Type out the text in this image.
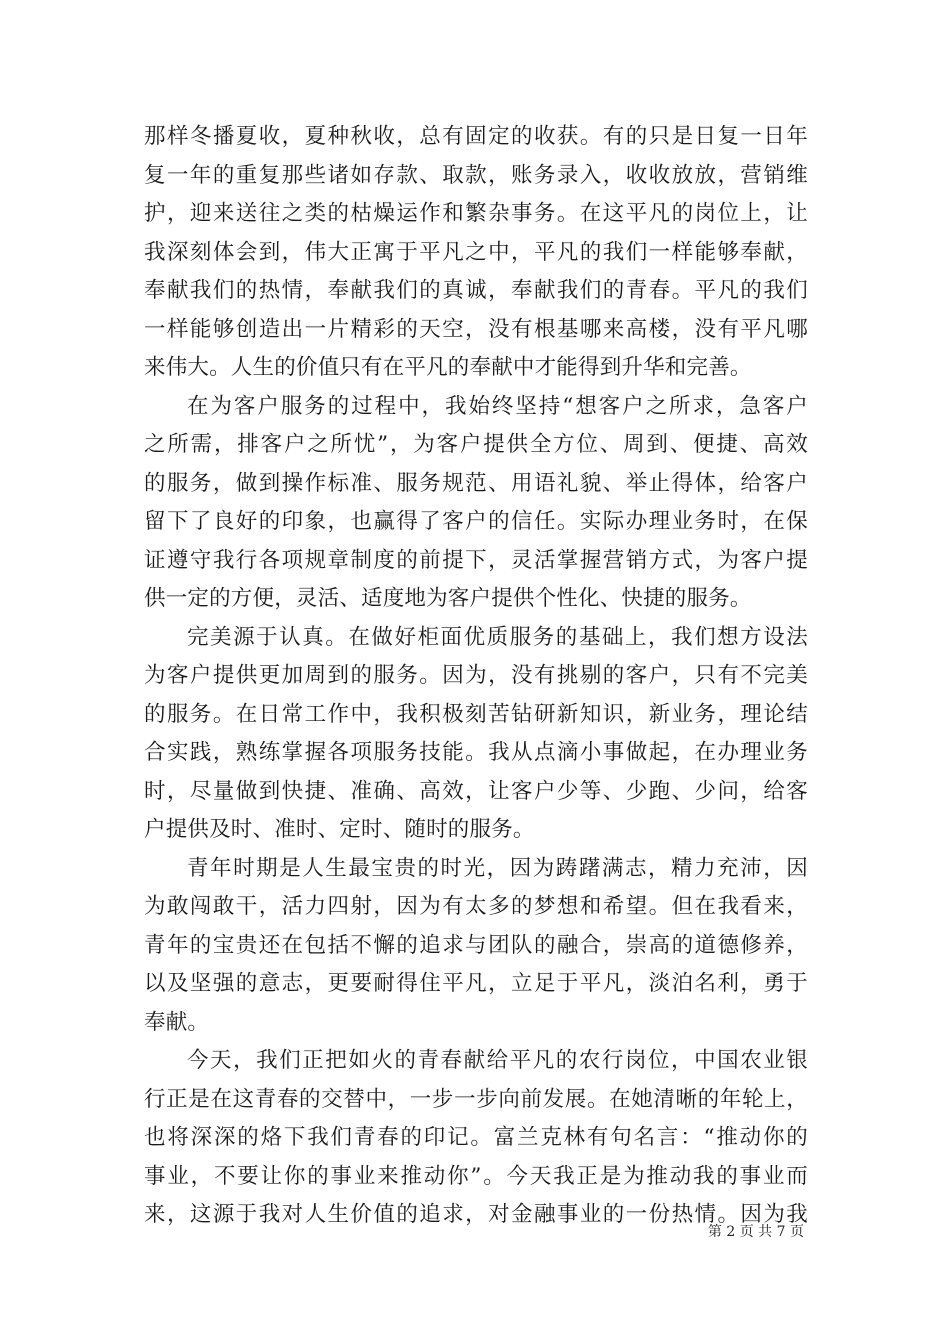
那样冬播夏收，夏种秋收，总有固定的收获。有的只是日复一日年
复一年的重复那些诸如存款、取款，账务录入，收收放放，营销维
护，迎来送往之类的枯燥运作和繁杂事务。在这平凡的岗位上，让
我深刻体会到，伟大正寓于平凡之中，平凡的我们一样能够奉献，
奉献我们的热情，奉献我们的真诚，奉献我们的青春。平凡的我们
一样能够创造出一片精彩的天空，没有根基哪来高楼，没有平凡哪
来伟大。人生的价值只有在平凡的奉献中才能得到升华和完善。
在为客户服务的过程中，我始终坚持“想客户之所求，急客户
之所需，排客户之所忧”，为客户提供全方位、周到、便捷、高效
的服务，做到操作标准、服务规范、用语礼貌、举止得体，给客户
留下了良好的印象，也赢得了客户的信任。实际办理业务时，在保
证遵守我行各项规章制度的前提下，灵活掌握营销方式，为客户提
供一定的方便，灵活、适度地为客户提供个性化、快捷的服务。
完美源于认真。在做好柜面优质服务的基础上，我们想方设法
为客户提供更加周到的服务。因为，没有挑剔的客户，只有不完美
的服务。在日常工作中，我积极刻苦钻研新知识，新业务，理论结
合实践，熟练掌握各项服务技能。我从点滴小事做起，在办理业务
时，尽量做到快捷、准确、高效，让客户少等、少跑、少问，给客
户提供及时、准时、定时、随时的服务。
青年时期是人生最宝贵的时光，因为踌躇满志，精力充沛，因
为敢闯敢干，活力四射，因为有太多的梦想和希望。但在我看来，
青年的宝贵还在包括不懈的追求与团队的融合，崇高的道德修养，
以及坚强的意志，更要耐得住平凡，立足于平凡，淡泊名利，勇于
奉献。
今天，我们正把如火的青春献给平凡的农行岗位，中国农业银
行正是在这青春的交替中，一步一步向前发展。在她清晰的年轮上，
也将深深的烙下我们青春的印记。富兰克林有句名言：“推动你的
事业，不要让你的事业来推动你”。今天我正是为推动我的事业而
来，这源于我对人生价值的追求，对金融事业的一份热情。因为我
第 2 页 共 7 页
